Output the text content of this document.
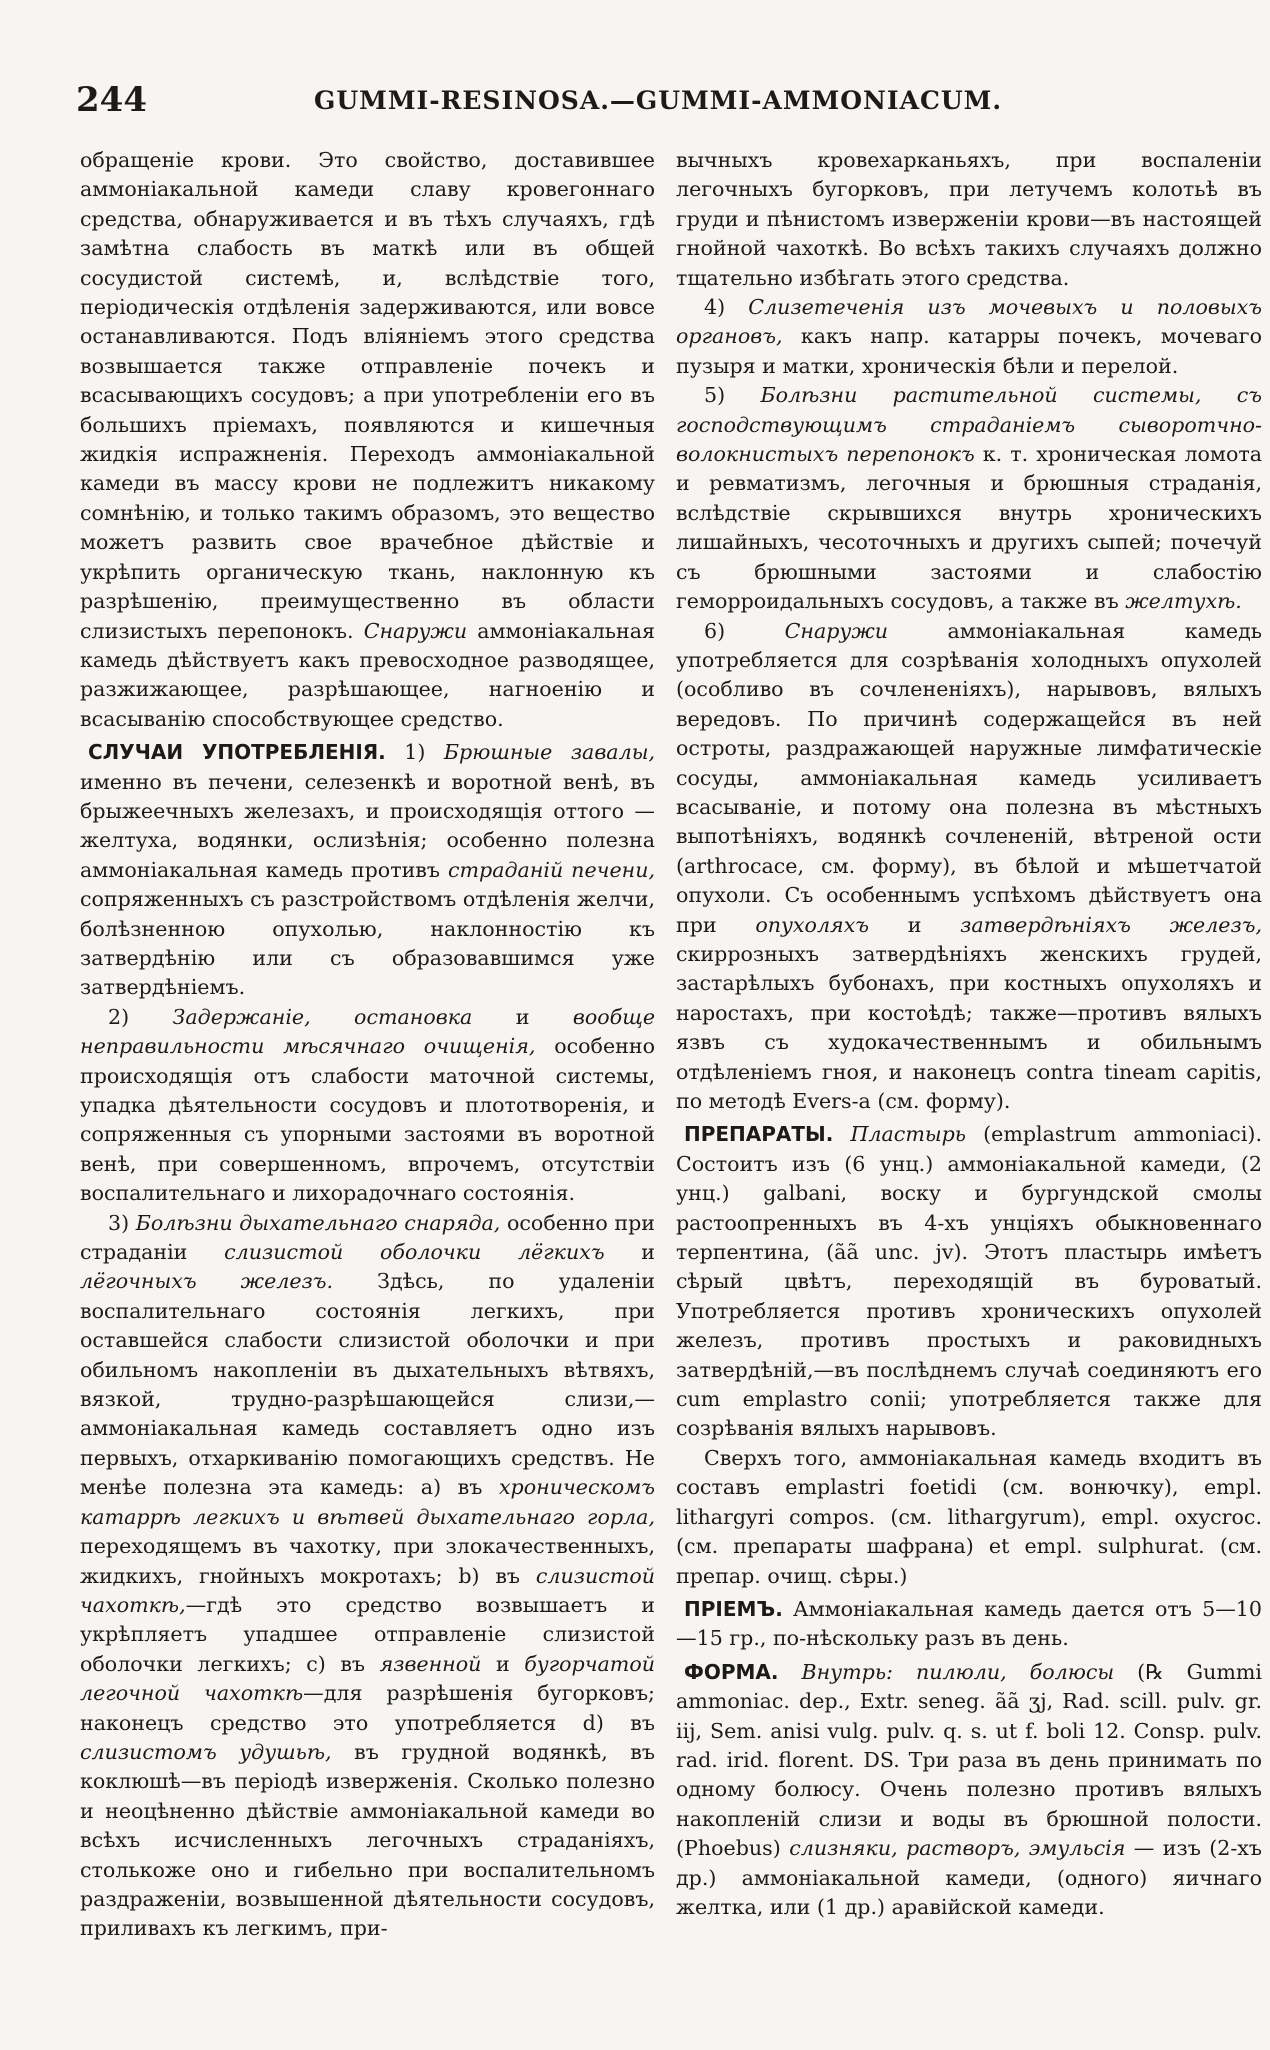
244	GUMMI-RESINOSA.—GUMMI-AMMONIACUM.

обращеніе крови. Это свойство, доставившее аммоніакальной камеди славу кровегоннаго средства, обнаруживается и въ тѣхъ случаяхъ, гдѣ замѣтна слабость въ маткѣ или въ общей сосудистой системѣ, и, вслѣдствіе того, періодическія отдѣленія задерживаются, или вовсе останавливаются. Подъ вліяніемъ этого средства возвышается также отправленіе почекъ и всасывающихъ сосудовъ; а при употребленіи его въ большихъ пріемахъ, появляются и кишечныя жидкія испражненія. Переходъ аммоніакальной камеди въ массу крови не подлежитъ никакому сомнѣнію, и только такимъ образомъ, это вещество можетъ развить свое врачебное дѣйствіе и укрѣпить органическую ткань, наклонную къ разрѣшенію, преимущественно въ области слизистыхъ перепонокъ. Снаружи аммоніакальная камедь дѣйствуетъ какъ превосходное разводящее, разжижающее, разрѣшающее, нагноенію и всасыванію способствующее средство.

СЛУЧАИ УПОТРЕБЛЕНІЯ. 1) Брюшные завалы, именно въ печени, селезенкѣ и воротной венѣ, въ брыжеечныхъ железахъ, и происходящія оттого — желтуха, водянки, ослизѣнія; особенно полезна аммоніакальная камедь противъ страданій печени, сопряженныхъ съ разстройствомъ отдѣленія желчи, болѣзненною опухолью, наклонностію къ затвердѣнію или съ образовавшимся уже затвердѣніемъ.

2) Задержаніе, остановка и вообще неправильности мѣсячнаго очищенія, особенно происходящія отъ слабости маточной системы, упадка дѣятельности сосудовъ и плототворенія, и сопряженныя съ упорными застоями въ воротной венѣ, при совершенномъ, впрочемъ, отсутствіи воспалительнаго и лихорадочнаго состоянія.

3) Болѣзни дыхательнаго снаряда, особенно при страданіи слизистой оболочки лёгкихъ и лёгочныхъ железъ. Здѣсь, по удаленіи воспалительнаго состоянія легкихъ, при оставшейся слабости слизистой оболочки и при обильномъ накопленіи въ дыхательныхъ вѣтвяхъ, вязкой, трудно-разрѣшающейся слизи,—аммоніакальная камедь составляетъ одно изъ первыхъ, отхаркиванію помогающихъ средствъ. Не менѣе полезна эта камедь: a) въ хроническомъ катаррѣ легкихъ и вѣтвей дыхательнаго горла, переходящемъ въ чахотку, при злокачественныхъ, жидкихъ, гнойныхъ мокротахъ; b) въ слизистой чахоткѣ,—гдѣ это средство возвышаетъ и укрѣпляетъ упадшее отправленіе слизистой оболочки легкихъ; c) въ язвенной и бугорчатой легочной чахоткѣ—для разрѣшенія бугорковъ; наконецъ средство это употребляется d) въ слизистомъ удушьѣ, въ грудной водянкѣ, въ коклюшѣ—въ періодѣ изверженія. Сколько полезно и неоцѣненно дѣйствіе аммоніакальной камеди во всѣхъ исчисленныхъ легочныхъ страданіяхъ, столькоже оно и гибельно при воспалительномъ раздраженіи, возвышенной дѣятельности сосудовъ, приливахъ къ легкимъ, при-

вычныхъ кровехарканьяхъ, при воспаленіи легочныхъ бугорковъ, при летучемъ колотьѣ въ груди и пѣнистомъ изверженіи крови—въ настоящей гнойной чахоткѣ. Во всѣхъ такихъ случаяхъ должно тщательно избѣгать этого средства.

4) Слизетеченія изъ мочевыхъ и половыхъ органовъ, какъ напр. катарры почекъ, мочеваго пузыря и матки, хроническія бѣли и перелой.

5) Болѣзни растительной системы, съ господствующимъ страданіемъ сыворотчно-волокнистыхъ перепонокъ к. т. хроническая ломота и ревматизмъ, легочныя и брюшныя страданія, вслѣдствіе скрывшихся внутрь хроническихъ лишайныхъ, чесоточныхъ и другихъ сыпей; почечуй съ брюшными застоями и слабостію геморроидальныхъ сосудовъ, а также въ желтухѣ.

6)	Снаружи	аммоніакальная камедь употребляется для созрѣванія холодныхъ опухолей (особливо въ сочлененіяхъ), нарывовъ, вялыхъ вередовъ. По причинѣ содержащейся въ ней остроты, раздражающей наружные лимфатическіе сосуды, аммоніакальная камедь усиливаетъ всасываніе, и потому она полезна въ мѣстныхъ выпотѣніяхъ, водянкѣ сочлененій, вѣтреной ости (arthrocace, см. форму), въ бѣлой и мѣшетчатой опухоли. Съ особеннымъ успѣхомъ дѣйствуетъ она при опухоляхъ и затвердѣніяхъ железъ, скиррозныхъ затвердѣніяхъ женскихъ грудей, застарѣлыхъ бубонахъ, при костныхъ опухоляхъ и наростахъ, при костоѣдѣ; также—противъ вялыхъ язвъ съ худокачественнымъ и обильнымъ отдѣленіемъ гноя, и наконецъ contra tineam capitis, по методѣ Evers-a (см. форму).

ПРЕПАРАТЫ. Пластырь (emplastrum ammoniaci). Состоитъ изъ (6 унц.) аммоніакальной камеди, (2 унц.) galbani, воску и бургундской смолы растоопренныхъ въ 4-хъ унціяхъ обыкновеннаго терпентина, (ãã unc. jv). Этотъ пластырь имѣетъ сѣрый цвѣтъ, переходящій въ буроватый. Употребляется противъ хроническихъ опухолей железъ, противъ простыхъ и раковидныхъ затвердѣній,—въ послѣднемъ случаѣ соединяютъ его cum emplastro conii; употребляется также для созрѣванія вялыхъ нарывовъ.

Сверхъ того, аммоніакальная камедь входитъ въ составъ emplastri foetidi (см. вонючку), empl. lithargyri compos. (см. lithargyrum), empl. oxycroc. (см. препараты шафрана) et empl. sulphurat. (см. препар. очищ. сѣры.)

ПРІЕМЪ. Аммоніакальная камедь дается отъ 5—10—15 гр., по-нѣскольку разъ въ день.

ФОРМА. Внутрь: пилюли, болюсы (℞ Gummi ammoniac. dep., Extr. seneg. ãã ʒj, Rad. scill. pulv. gr. iij, Sem. anisi vulg. pulv. q. s. ut f. boli 12. Consp. pulv. rad. irid. florent. DS. Три раза въ день принимать по одному болюсу. Очень полезно противъ вялыхъ накопленій слизи и воды въ брюшной полости. (Phoebus) слизняки, растворъ, эмульсія — изъ (2-хъ др.) аммоніакальной камеди, (одного) яичнаго желтка, или (1 др.) аравійской камеди.
